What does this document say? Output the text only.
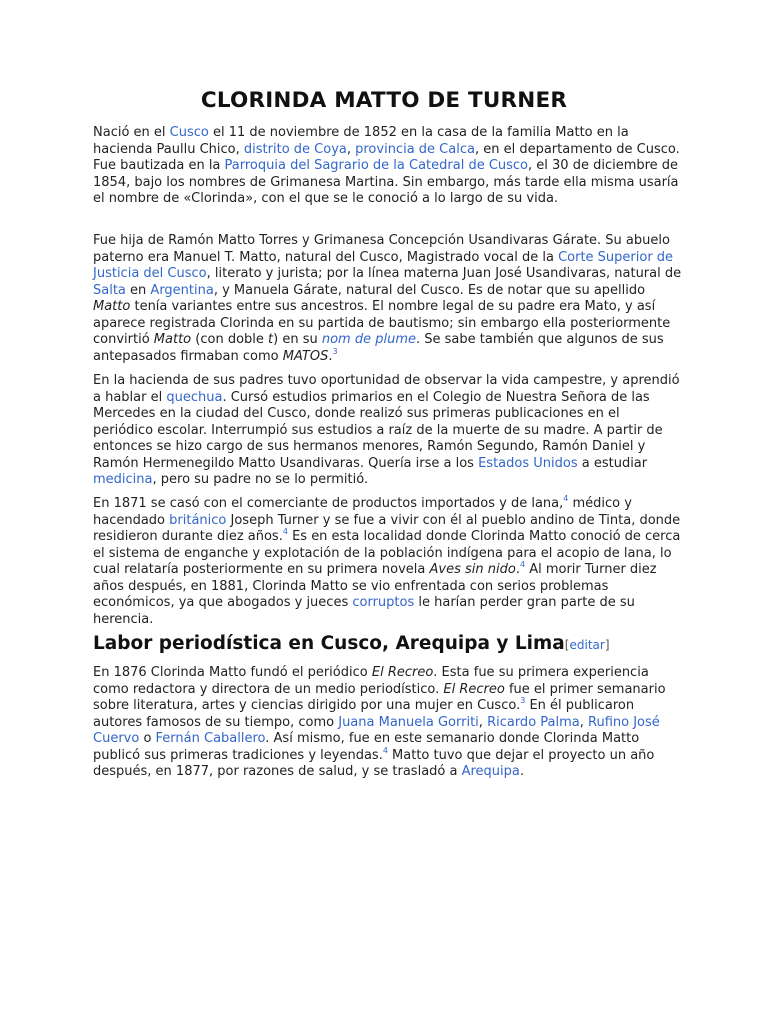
CLORINDA MATTO DE TURNER

Nació en el Cusco el 11 de noviembre de 1852 en la casa de la familia Matto en la hacienda Paullu Chico, distrito de Coya, provincia de Calca, en el departamento de Cusco. Fue bautizada en la Parroquia del Sagrario de la Catedral de Cusco, el 30 de diciembre de 1854, bajo los nombres de Grimanesa Martina. Sin embargo, más tarde ella misma usaría el nombre de «Clorinda», con el que se le conoció a lo largo de su vida.

Fue hija de Ramón Matto Torres y Grimanesa Concepción Usandivaras Gárate. Su abuelo paterno era Manuel T. Matto, natural del Cusco, Magistrado vocal de la Corte Superior de Justicia del Cusco, literato y jurista; por la línea materna Juan José Usandivaras, natural de Salta en Argentina, y Manuela Gárate, natural del Cusco. Es de notar que su apellido Matto tenía variantes entre sus ancestros. El nombre legal de su padre era Mato, y así aparece registrada Clorinda en su partida de bautismo; sin embargo ella posteriormente convirtió Matto (con doble t) en su nom de plume. Se sabe también que algunos de sus antepasados firmaban como MATOS.$^3$

En la hacienda de sus padres tuvo oportunidad de observar la vida campestre, y aprendió a hablar el quechua. Cursó estudios primarios en el Colegio de Nuestra Señora de las Mercedes en la ciudad del Cusco, donde realizó sus primeras publicaciones en el periódico escolar. Interrumpió sus estudios a raíz de la muerte de su madre. A partir de entonces se hizo cargo de sus hermanos menores, Ramón Segundo, Ramón Daniel y Ramón Hermenegildo Matto Usandivaras. Quería irse a los Estados Unidos a estudiar medicina, pero su padre no se lo permitió.

En 1871 se casó con el comerciante de productos importados y de lana,$^4$ médico y hacendado británico Joseph Turner y se fue a vivir con él al pueblo andino de Tinta, donde residieron durante diez años.$^4$ Es en esta localidad donde Clorinda Matto conoció de cerca el sistema de enganche y explotación de la población indígena para el acopio de lana, lo cual relataría posteriormente en su primera novela Aves sin nido.$^4$ Al morir Turner diez años después, en 1881, Clorinda Matto se vio enfrentada con serios problemas económicos, ya que abogados y jueces corruptos le harían perder gran parte de su herencia.

Labor periodística en Cusco, Arequipa y Lima[editar]

En 1876 Clorinda Matto fundó el periódico El Recreo. Esta fue su primera experiencia como redactora y directora de un medio periodístico. El Recreo fue el primer semanario sobre literatura, artes y ciencias dirigido por una mujer en Cusco.$^3$ En él publicaron autores famosos de su tiempo, como Juana Manuela Gorriti, Ricardo Palma, Rufino José Cuervo o Fernán Caballero. Así mismo, fue en este semanario donde Clorinda Matto publicó sus primeras tradiciones y leyendas.$^4$ Matto tuvo que dejar el proyecto un año después, en 1877, por razones de salud, y se trasladó a Arequipa.
